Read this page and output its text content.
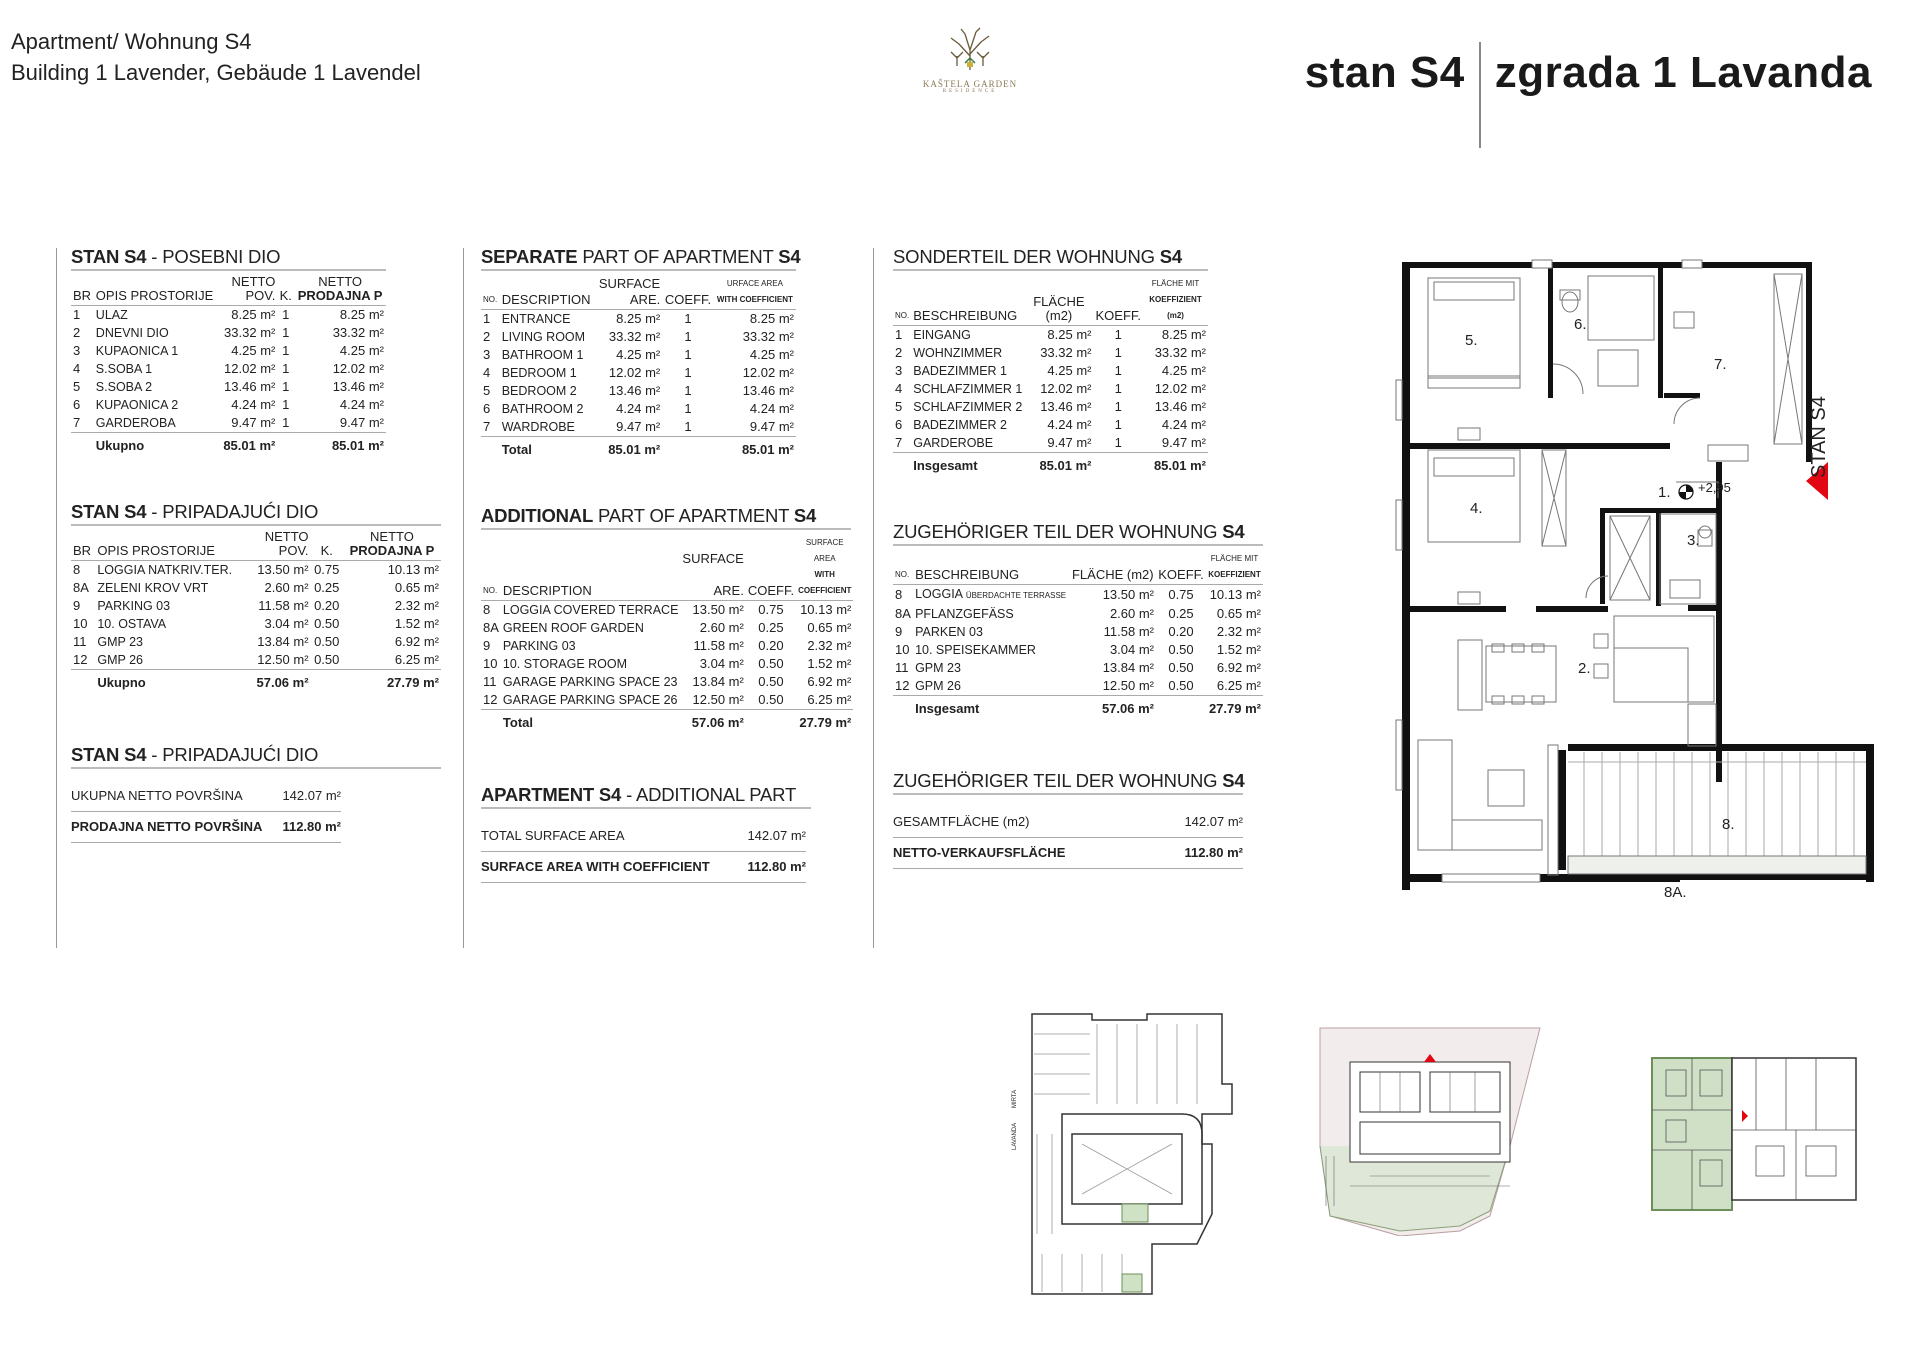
Apartment/ Wohnung S4
Building 1 Lavender, Gebäude 1 Lavendel	KAŠTELA GARDEN
RESIDENCE	stan S4 zgrada 1 Lavanda
STAN S4 - POSEBNI DIO
		NETTO		NETTO
BR	OPIS PROSTORIJE	POV.	K.	PRODAJNA P
1	ULAZ	8.25 m²	1	8.25 m²
2	DNEVNI DIO	33.32 m²	1	33.32 m²
3	KUPAONICA 1	4.25 m²	1	4.25 m²
4	S.SOBA 1	12.02 m²	1	12.02 m²
5	S.SOBA 2	13.46 m²	1	13.46 m²
6	KUPAONICA 2	4.24 m²	1	4.24 m²
7	GARDEROBA	9.47 m²	1	9.47 m²
	Ukupno	85.01 m²		85.01 m²
STAN S4 - PRIPADAJUĆI DIO
		NETTO		NETTO
BR	OPIS PROSTORIJE	POV.	K.	PRODAJNA P
8	LOGGIA NATKRIV.TER.	13.50 m²	0.75	10.13 m²
8A	ZELENI KROV VRT	2.60 m²	0.25	0.65 m²
9	PARKING 03	11.58 m²	0.20	2.32 m²
10	10. OSTAVA	3.04 m²	0.50	1.52 m²
11	GMP 23	13.84 m²	0.50	6.92 m²
12	GMP 26	12.50 m²	0.50	6.25 m²
	Ukupno	57.06 m²		27.79 m²
STAN S4 - PRIPADAJUĆI DIO
UKUPNA NETTO POVRŠINA	142.07 m²
PRODAJNA NETTO POVRŠINA 112.80 m²
SEPARATE PART OF APARTMENT S4
		SURFACE		URFACE AREA
NO.	DESCRIPTION	ARE.	COEFF.	WITH COEFFICIENT
1	ENTRANCE	8.25 m²	1	8.25 m²
2	LIVING ROOM	33.32 m²	1	33.32 m²
3	BATHROOM 1	4.25 m²	1	4.25 m²
4	BEDROOM 1	12.02 m²	1	12.02 m²
5	BEDROOM 2	13.46 m²	1	13.46 m²
6	BATHROOM 2	4.24 m²	1	4.24 m²
7	WARDROBE	9.47 m²	1	9.47 m²
	Total	85.01 m²		85.01 m²
ADDITIONAL PART OF APARTMENT S4
		SURFACE		SURFACE AREA
NO.	DESCRIPTION	ARE.	COEFF.	WITH COEFFICIENT
8	LOGGIA COVERED TERRACE	13.50 m²	0.75	10.13 m²
8A	GREEN ROOF GARDEN	2.60 m²	0.25	0.65 m²
9	PARKING 03	11.58 m²	0.20	2.32 m²
10	10. STORAGE ROOM	3.04 m²	0.50	1.52 m²
11	GARAGE PARKING SPACE 23	13.84 m²	0.50	6.92 m²
12	GARAGE PARKING SPACE 26	12.50 m²	0.50	6.25 m²
	Total	57.06 m²		27.79 m²
APARTMENT S4 - ADDITIONAL PART
TOTAL SURFACE AREA	142.07 m²
SURFACE AREA WITH COEFFICIENT	112.80 m²
SONDERTEIL DER WOHNUNG S4
				FLÄCHE MIT
NO.	BESCHREIBUNG	FLÄCHE (m2)	KOEFF.	KOEFFIZIENT (m2)
1	EINGANG	8.25 m²	1	8.25 m²
2	WOHNZIMMER	33.32 m²	1	33.32 m²
3	BADEZIMMER 1	4.25 m²	1	4.25 m²
4	SCHLAFZIMMER 1	12.02 m²	1	12.02 m²
5	SCHLAFZIMMER 2	13.46 m²	1	13.46 m²
6	BADEZIMMER 2	4.24 m²	1	4.24 m²
7	GARDEROBE	9.47 m²	1	9.47 m²
	Insgesamt	85.01 m²		85.01 m²
ZUGEHÖRIGER TEIL DER WOHNUNG S4
				FLÄCHE MIT
NO.	BESCHREIBUNG	FLÄCHE (m2)	KOEFF.	KOEFFIZIENT
8	LOGGIA ÜBERDACHTE TERRASSE	13.50 m²	0.75	10.13 m²
8A	PFLANZGEFÄSS	2.60 m²	0.25	0.65 m²
9	PARKEN 03	11.58 m²	0.20	2.32 m²
10	10. SPEISEKAMMER	3.04 m²	0.50	1.52 m²
11	GPM 23	13.84 m²	0.50	6.92 m²
12	GPM 26	12.50 m²	0.50	6.25 m²
	Insgesamt	57.06 m²		27.79 m²
ZUGEHÖRIGER TEIL DER WOHNUNG S4
GESAMTFLÄCHE (m2)	142.07 m²
NETTO-VERKAUFSFLÄCHE	112.80 m²
5.
6.
7.
4.
1. +2,95
3.
2.
8.
8A.
STAN S4
LAVANDA
MIRTA
